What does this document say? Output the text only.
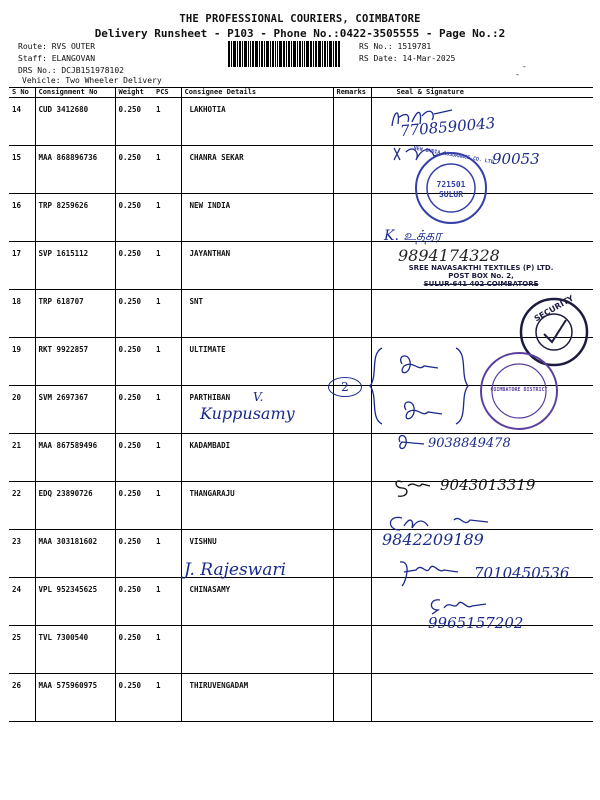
THE PROFESSIONAL COURIERS, COIMBATORE
Delivery Runsheet - P103 - Phone No.:0422-3505555 - Page No.:2
Route: RVS OUTER
Staff: ELANGOVAN
DRS No.: DCJB151978102
Vehicle: Two Wheeler Delivery
RS No.: 1519781
RS Date: 14-Mar-2025
-
-
S No	Consignment No	Weight	PCS	Consignee Details	Remarks	Seal & Signature
14	CUD 3412680	0.250	1	LAKHOTIA		
15	MAA 868896736	0.250	1	CHANRA SEKAR		
16	TRP 8259626	0.250	1	NEW INDIA		
17	SVP 1615112	0.250	1	JAYANTHAN		
18	TRP 618707	0.250	1	SNT		
19	RKT 9922857	0.250	1	ULTIMATE		
20	SVM 2697367	0.250	1	PARTHIBAN		
21	MAA 867589496	0.250	1	KADAMBADI		
22	EDQ 23890726	0.250	1	THANGARAJU		
23	MAA 303181602	0.250	1	VISHNU		
24	VPL 952345625	0.250	1	CHINASAMY		
25	TVL 7300540	0.250	1			
26	MAA 575960975	0.250	1	THIRUVENGADAM		
7708590043
90053
NEW INDIA ASSURANCE CO. LTD.
721501
SULUR
K. உத்தர
9894174328
SREE NAVASAKTHI TEXTILES (P) LTD.
POST BOX No. 2,
SULUR-641 402 COIMBATORE
SECURITY
COIMBATORE DISTRICT
2
V.
Kuppusamy
9038849478
9043013319
9842209189
J. Rajeswari	7010450536
9965157202
